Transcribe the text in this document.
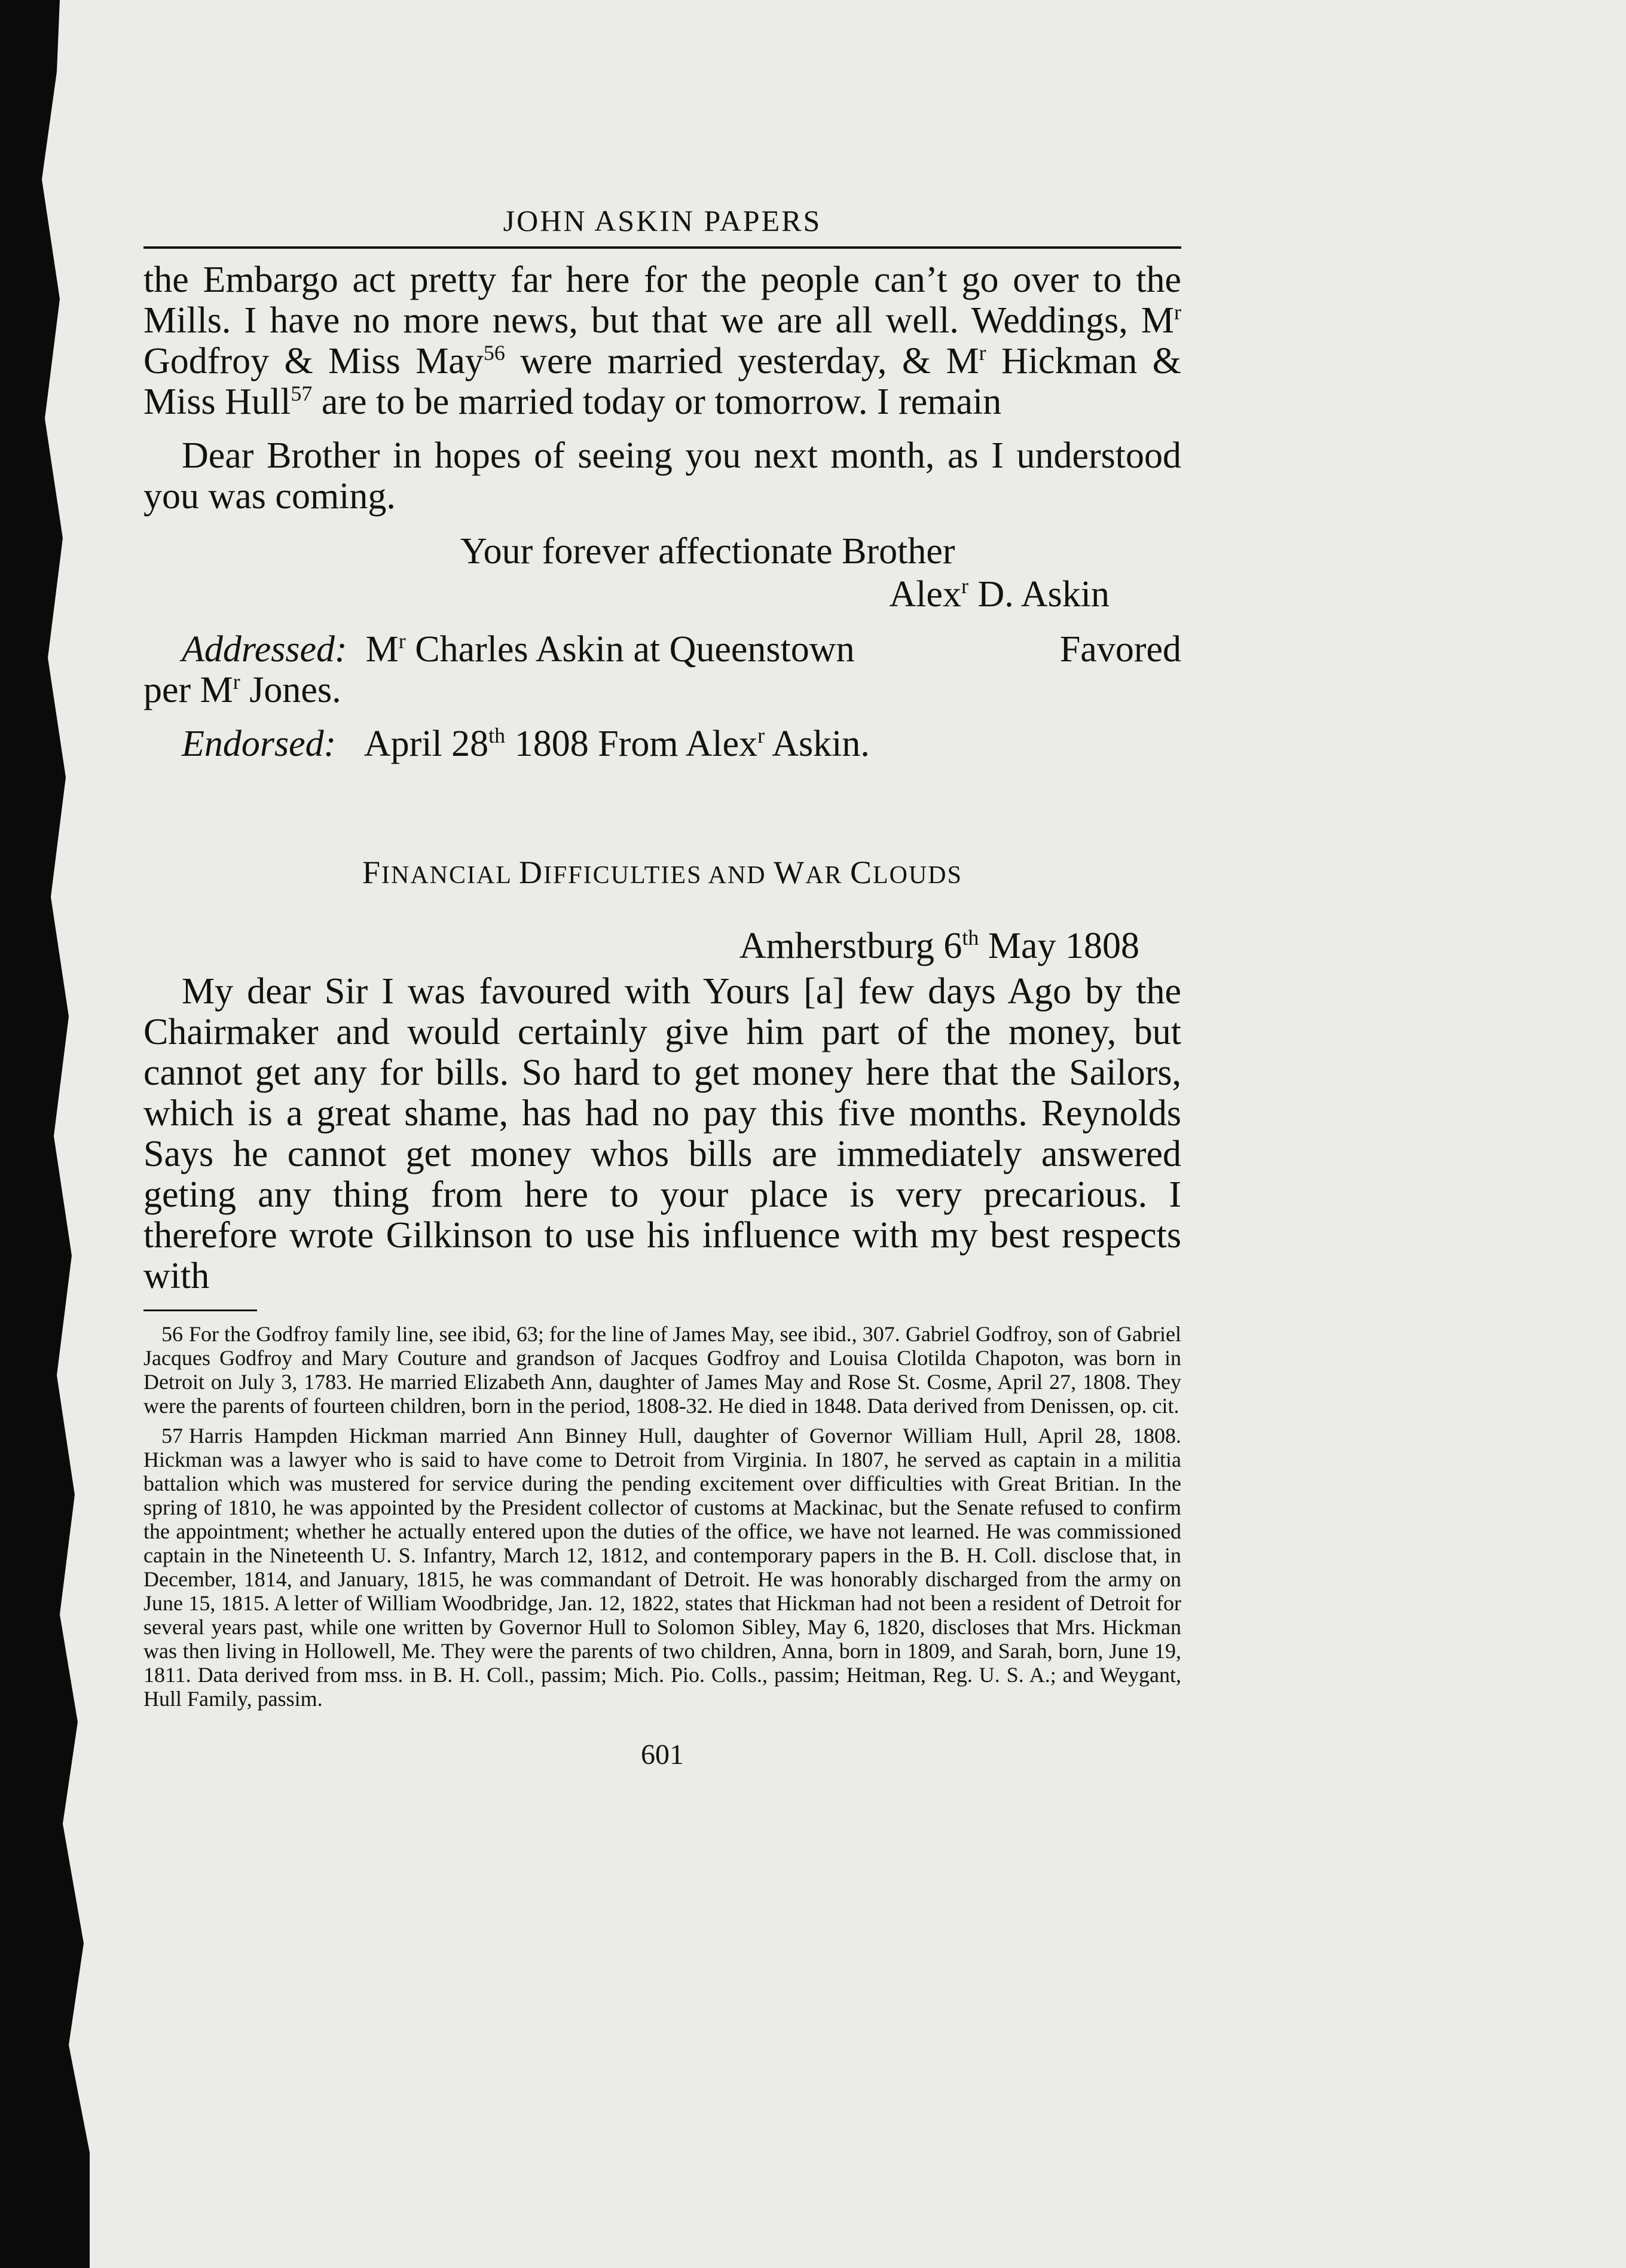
JOHN ASKIN PAPERS

the Embargo act pretty far here for the people can’t go over to the Mills. I have no more news, but that we are all well. Weddings, $M^r$ Godfroy & Miss May$^{56}$ were married yesterday, & $M^r$ Hickman & Miss Hull$^{57}$ are to be married today or tomorrow. I remain

Dear Brother in hopes of seeing you next month, as I understood you was coming.

Your forever affectionate Brother
Alex$^r$ D. Askin
Addressed: $M^r$ Charles Askin at Queenstown	Favored
per $M^r$ Jones.
Endorsed: April 28th 1808 From Alex$^r$ Askin.
FINANCIAL DIFFICULTIES AND WAR CLOUDS
Amherstburg 6th May 1808

My dear Sir I was favoured with Yours [a] few days Ago by the Chairmaker and would certainly give him part of the money, but cannot get any for bills. So hard to get money here that the Sailors, which is a great shame, has had no pay this five months. Reynolds Says he cannot get money whos bills are immediately answered geting any thing from here to your place is very precarious. I therefore wrote Gilkinson to use his influence with my best respects with

56 For the Godfroy family line, see ibid, 63; for the line of James May, see ibid., 307. Gabriel Godfroy, son of Gabriel Jacques Godfroy and Mary Couture and grandson of Jacques Godfroy and Louisa Clotilda Chapoton, was born in Detroit on July 3, 1783. He married Elizabeth Ann, daughter of James May and Rose St. Cosme, April 27, 1808. They were the parents of fourteen children, born in the period, 1808-32. He died in 1848. Data derived from Denissen, op. cit.

57 Harris Hampden Hickman married Ann Binney Hull, daughter of Governor William Hull, April 28, 1808. Hickman was a lawyer who is said to have come to Detroit from Virginia. In 1807, he served as captain in a militia battalion which was mustered for service during the pending excitement over difficulties with Great Britian. In the spring of 1810, he was appointed by the President collector of customs at Mackinac, but the Senate refused to confirm the appointment; whether he actually entered upon the duties of the office, we have not learned. He was commissioned captain in the Nineteenth U. S. Infantry, March 12, 1812, and contemporary papers in the B. H. Coll. disclose that, in December, 1814, and January, 1815, he was commandant of Detroit. He was honorably discharged from the army on June 15, 1815. A letter of William Woodbridge, Jan. 12, 1822, states that Hickman had not been a resident of Detroit for several years past, while one written by Governor Hull to Solomon Sibley, May 6, 1820, discloses that Mrs. Hickman was then living in Hollowell, Me. They were the parents of two children, Anna, born in 1809, and Sarah, born, June 19, 1811. Data derived from mss. in B. H. Coll., passim; Mich. Pio. Colls., passim; Heitman, Reg. U. S. A.; and Weygant, Hull Family, passim.

601
